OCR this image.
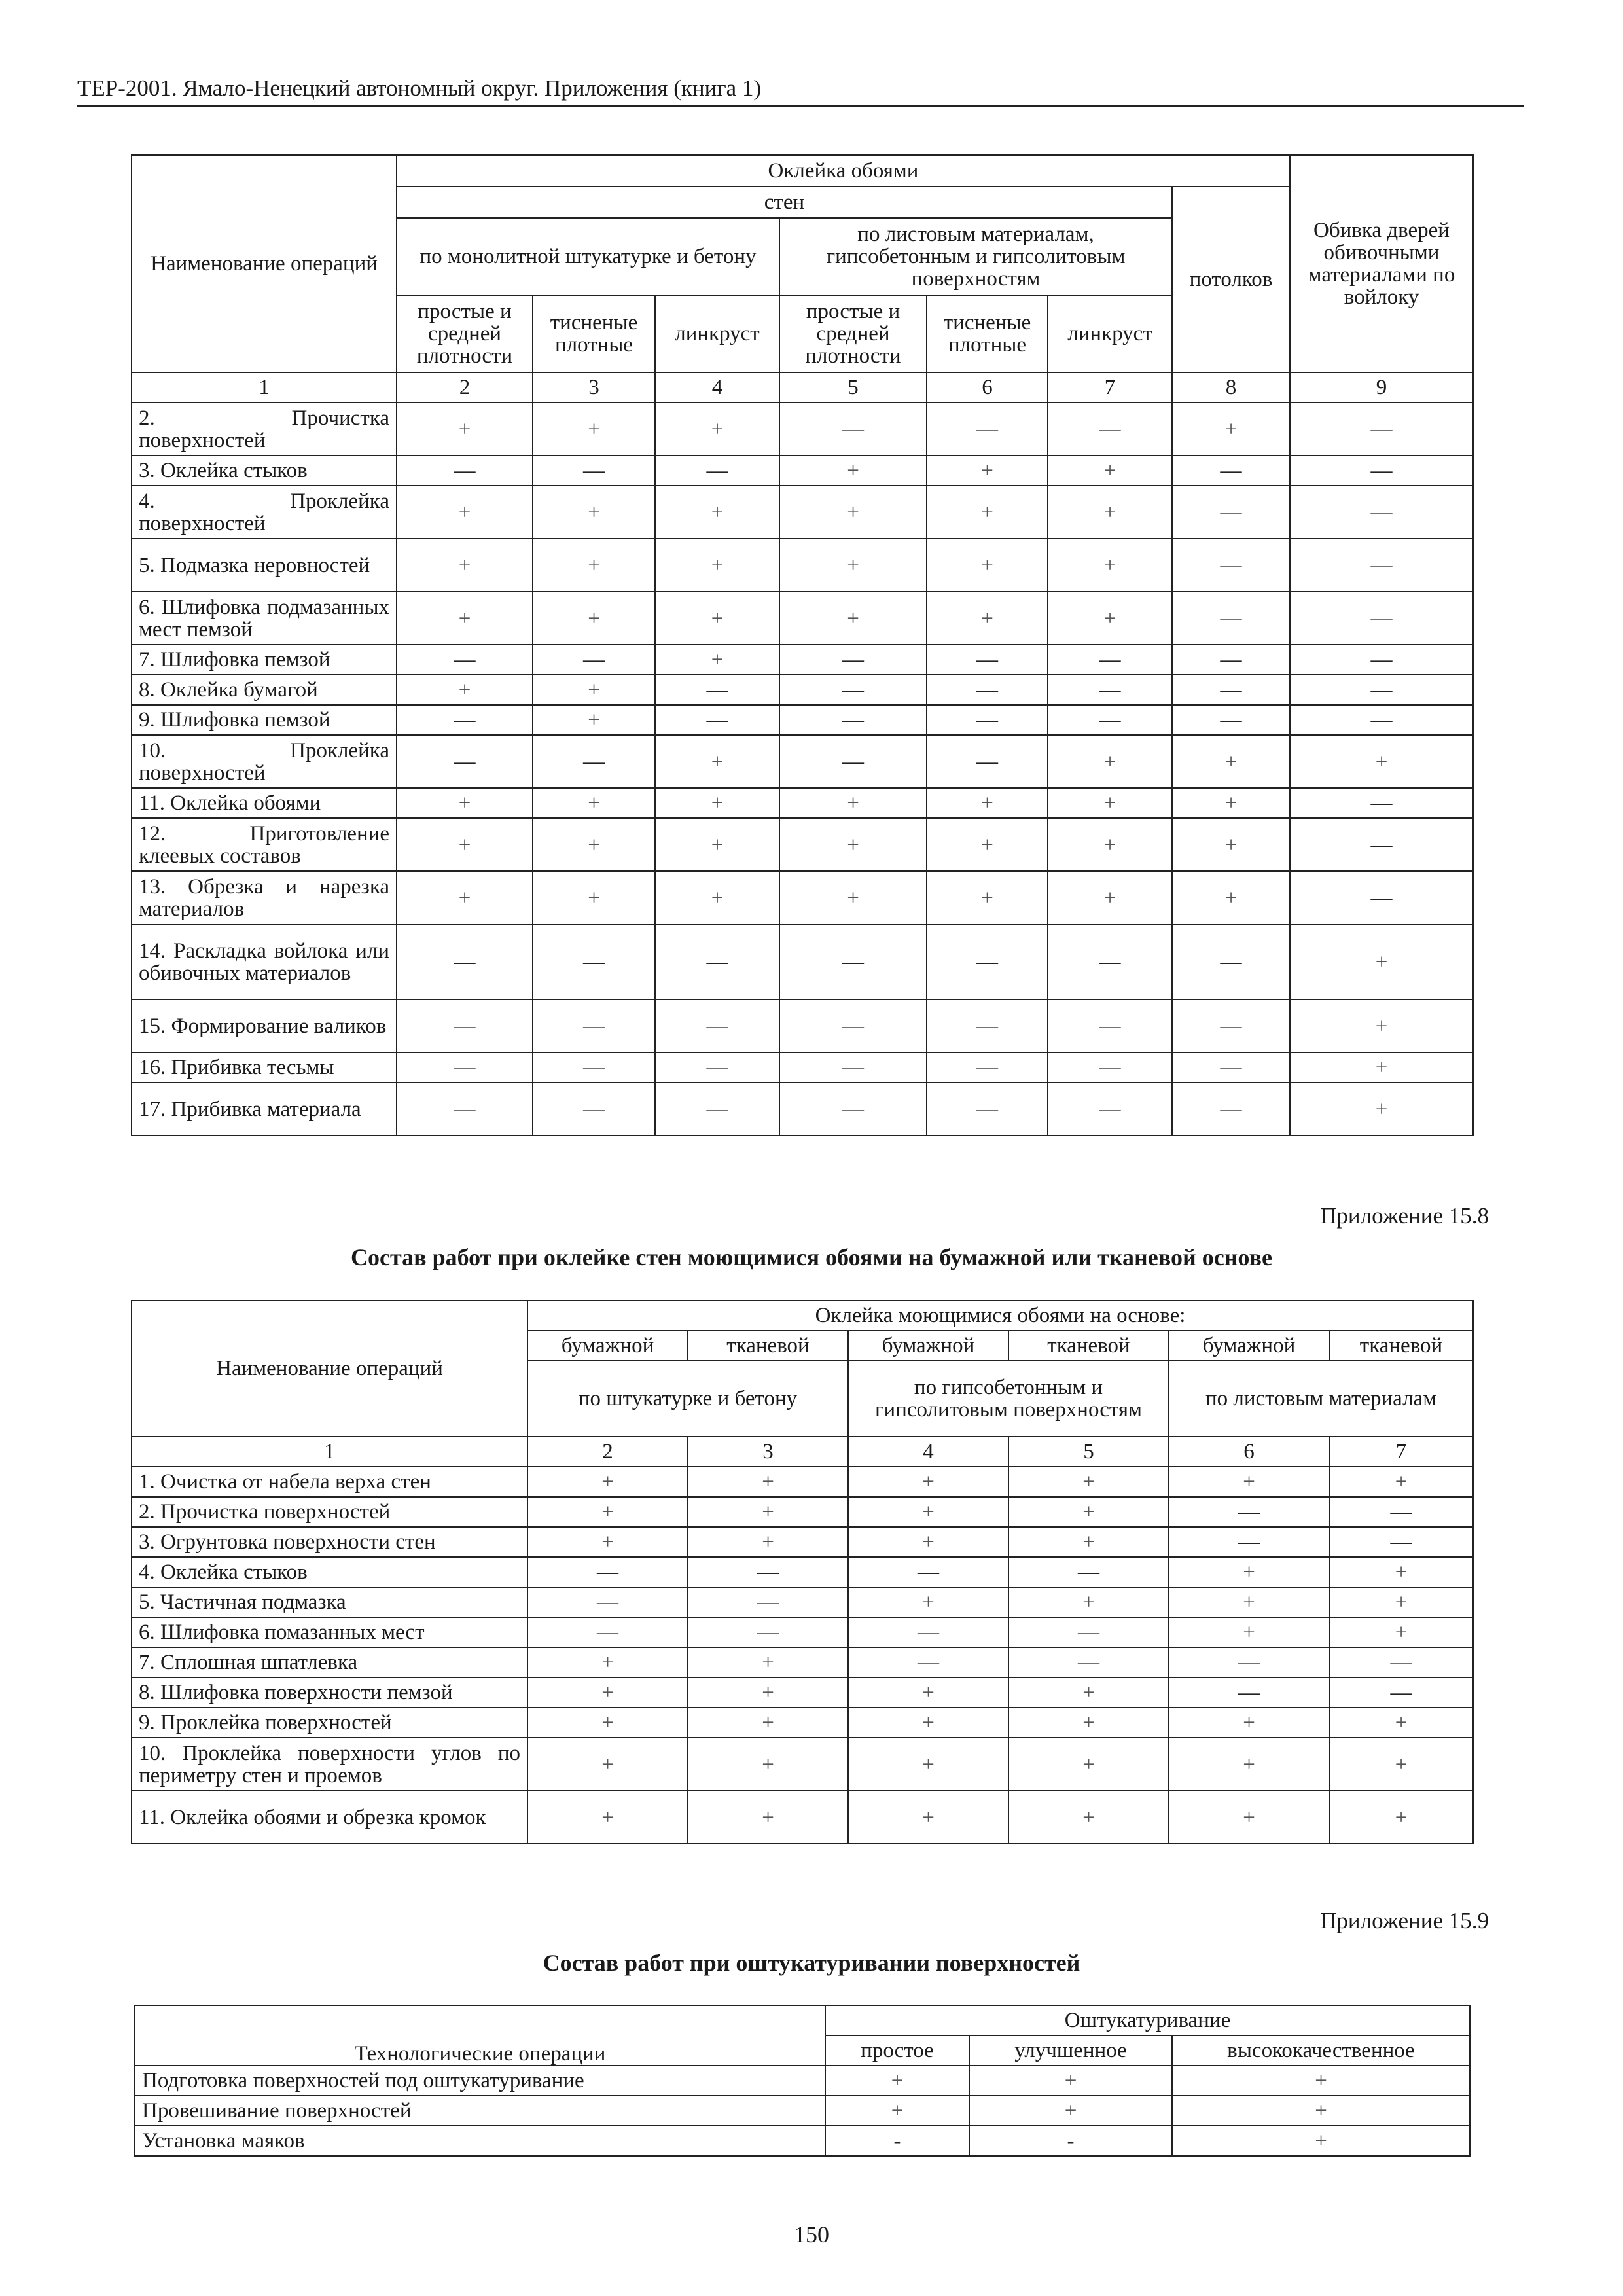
ТЕР-2001. Ямало-Ненецкий автономный округ. Приложения (книга 1)
Наименование операций	Оклейка обоями							Обивка дверей обивочными материалами по войлоку
	стен						потолков	
	по монолитной штукатурке и бетону			по листовым материалам, гипсобетонным и гипсолитовым поверхностям				
	простые и средней плотности	тисненые плотные	линкруст	простые и средней плотности	тисненые плотные	линкруст		
1	2	3	4	5	6	7	8	9
2. Прочистка поверхностей	+	+	+	—	—	—	+	—
3. Оклейка стыков	—	—	—	+	+	+	—	—
4. Проклейка поверхностей	+	+	+	+	+	+	—	—
5. Подмазка неровностей	+	+	+	+	+	+	—	—
6. Шлифовка подмазанных мест пемзой	+	+	+	+	+	+	—	—
7. Шлифовка пемзой	—	—	+	—	—	—	—	—
8. Оклейка бумагой	+	+	—	—	—	—	—	—
9. Шлифовка пемзой	—	+	—	—	—	—	—	—
10. Проклейка поверхностей	—	—	+	—	—	+	+	+
11. Оклейка обоями	+	+	+	+	+	+	+	—
12. Приготовление клеевых составов	+	+	+	+	+	+	+	—
13. Обрезка и нарезка материалов	+	+	+	+	+	+	+	—
14. Раскладка войлока или обивочных материалов	—	—	—	—	—	—	—	+
15. Формирование валиков	—	—	—	—	—	—	—	+
16. Прибивка тесьмы	—	—	—	—	—	—	—	+
17. Прибивка материала	—	—	—	—	—	—	—	+
Приложение 15.8
Состав работ при оклейке стен моющимися обоями на бумажной или тканевой основе
Наименование операций	Оклейка моющимися обоями на основе:					
	бумажной	тканевой	бумажной	тканевой	бумажной	тканевой
	по штукатурке и бетону		по гипсобетонным и гипсолитовым поверхностям		по листовым материалам	
1	2	3	4	5	6	7
1. Очистка от набела верха стен	+	+	+	+	+	+
2. Прочистка поверхностей	+	+	+	+	—	—
3. Огрунтовка поверхности стен	+	+	+	+	—	—
4. Оклейка стыков	—	—	—	—	+	+
5. Частичная подмазка	—	—	+	+	+	+
6. Шлифовка помазанных мест	—	—	—	—	+	+
7. Сплошная шпатлевка	+	+	—	—	—	—
8. Шлифовка поверхности пемзой	+	+	+	+	—	—
9. Проклейка поверхностей	+	+	+	+	+	+
10. Проклейка поверхности углов по периметру стен и проемов	+	+	+	+	+	+
11. Оклейка обоями и обрезка кромок	+	+	+	+	+	+
Приложение 15.9
Состав работ при оштукатуривании поверхностей
Технологические операции	Оштукатуривание		
	простое	улучшенное	высококачественное
Подготовка поверхностей под оштукатуривание	+	+	+
Провешивание поверхностей	+	+	+
Установка маяков	-	-	+
150
